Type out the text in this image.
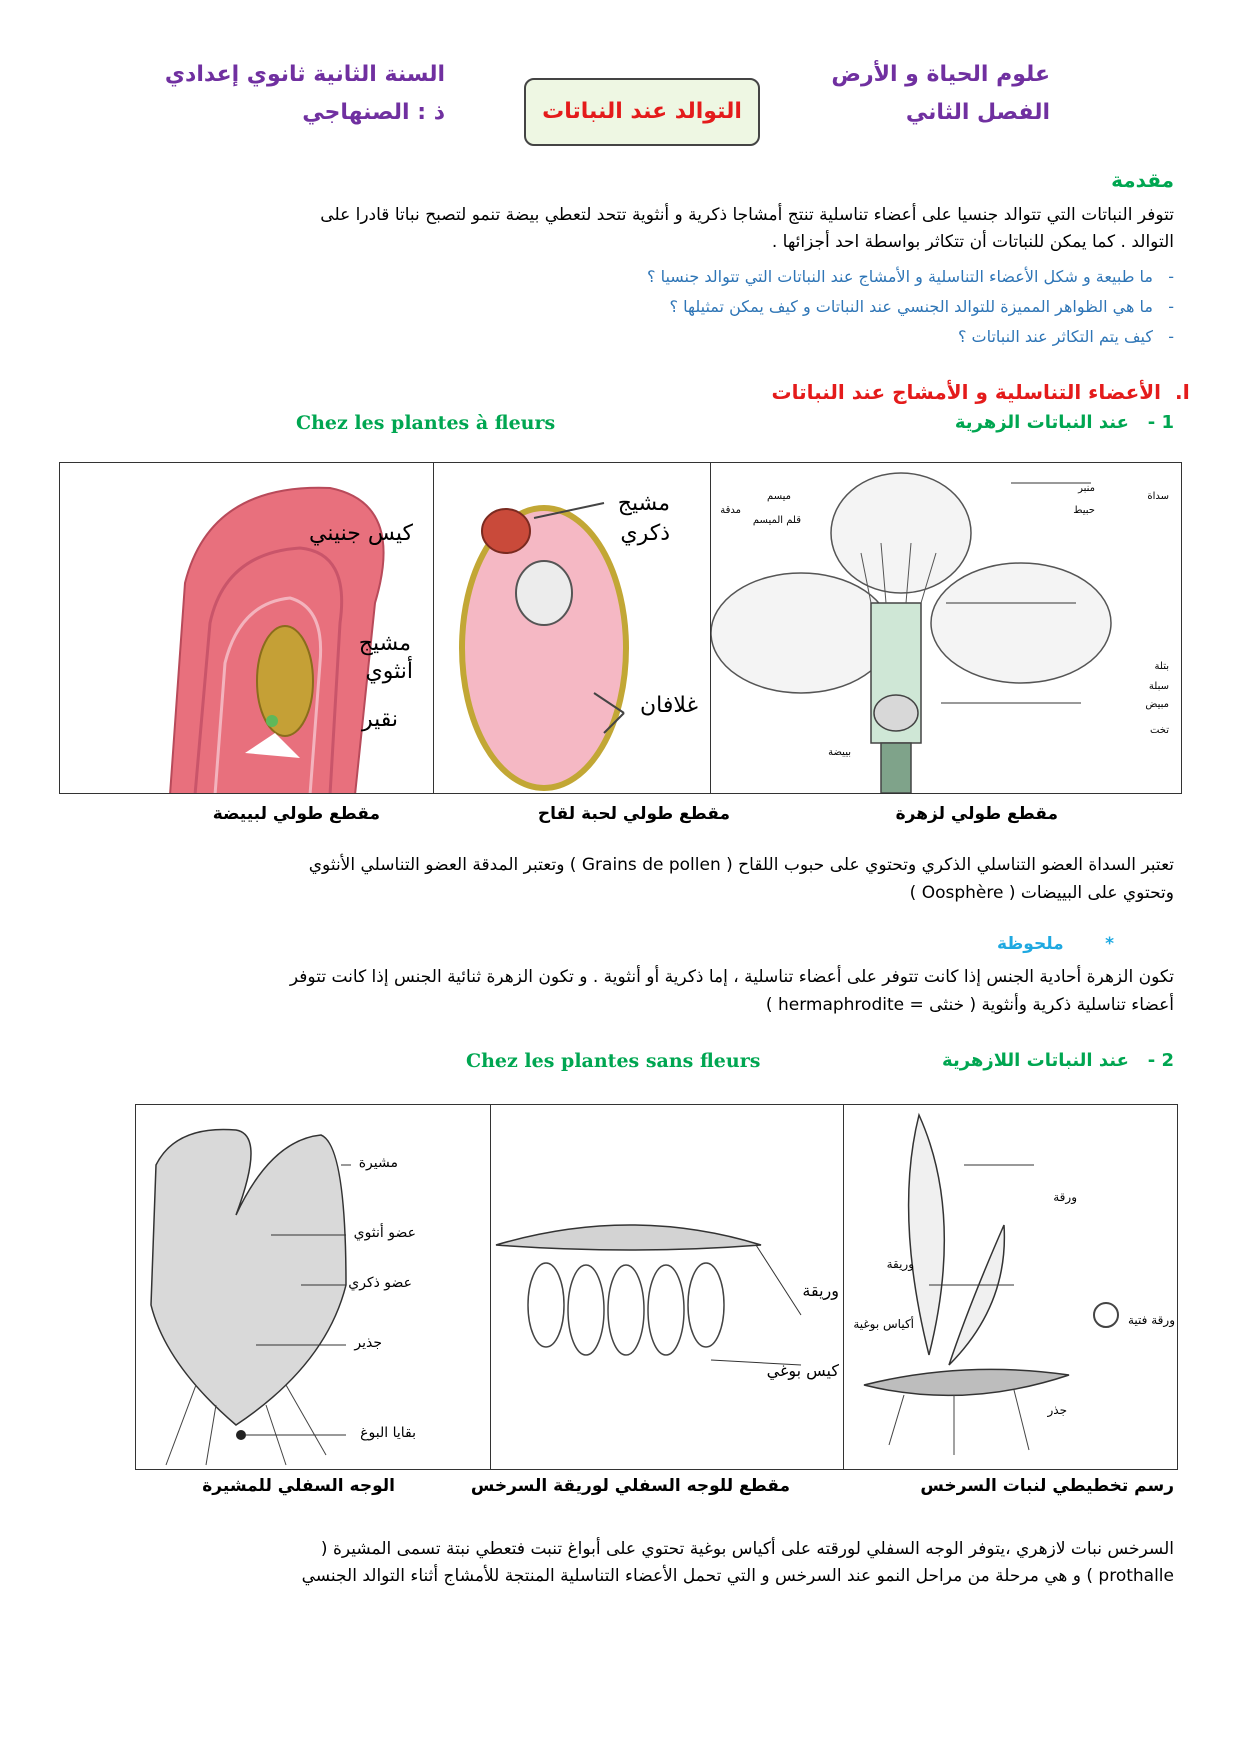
علوم الحياة و الأرض
الفصل الثاني
التوالد عند النباتات
السنة الثانية ثانوي إعدادي
ذ : الصنهاجي
مقدمة
تتوفر النباتات التي تتوالد جنسيا على أعضاء تناسلية تنتج أمشاجا ذكرية و أنثوية تتحد لتعطي بيضة تنمو لتصبح نباتا قادرا على
التوالد . كما يمكن للنباتات أن تتكاثر بواسطة احد أجزائها .
-   ما طبيعة و شكل الأعضاء التناسلية و الأمشاج عند النباتات التي تتوالد جنسيا ؟
-   ما هي الظواهر المميزة للتوالد الجنسي عند النباتات و كيف يمكن تمثيلها ؟
-   كيف يتم التكاثر عند النباتات ؟
I.  الأعضاء التناسلية و الأمشاج عند النباتات
1 -   عند النباتات الزهرية
Chez les plantes à fleurs
كيس جنيني
مشيج
أنثوي
نقير
مشيج
ذكري
غلافان
منبر
حبيط
سداة
ميسم
قلم الميسم
مدقة
بتلة
سبلة
مبيض
تخت
بييضة
مقطع طولي لزهرة
مقطع طولي لحبة لقاح
مقطع طولي لبييضة
تعتبر السداة العضو التناسلي الذكري وتحتوي على حبوب اللقاح ( Grains de pollen ) وتعتبر المدقة العضو التناسلي الأنثوي
وتحتوي على البييضات ( Oosphère )
*       ملحوظة
تكون الزهرة أحادية الجنس إذا كانت تتوفر على أعضاء تناسلية ، إما ذكرية أو أنثوية . و تكون الزهرة ثنائية الجنس إذا كانت تتوفر
أعضاء تناسلية ذكرية وأنثوية ( خنثى = hermaphrodite )
2 -   عند النباتات اللازهرية
Chez les plantes sans fleurs
مشيرة
عضو أنثوي
عضو ذكري
جذير
بقايا البوغ
وريقة
كيس بوغي
ورقة
وريقة
أكياس بوغية	ورقة فتية
جذر
رسم تخطيطي لنبات السرخس
مقطع للوجه السفلي لوريقة السرخس
الوجه السفلي للمشيرة
السرخس نبات لازهري ،يتوفر الوجه السفلي لورقته على أكياس بوغية تحتوي على أبواغ تنبت فتعطي نبتة تسمى المشيرة (
prothalle ) و هي مرحلة من مراحل النمو عند السرخس و التي تحمل الأعضاء التناسلية المنتجة للأمشاج أثناء التوالد الجنسي
